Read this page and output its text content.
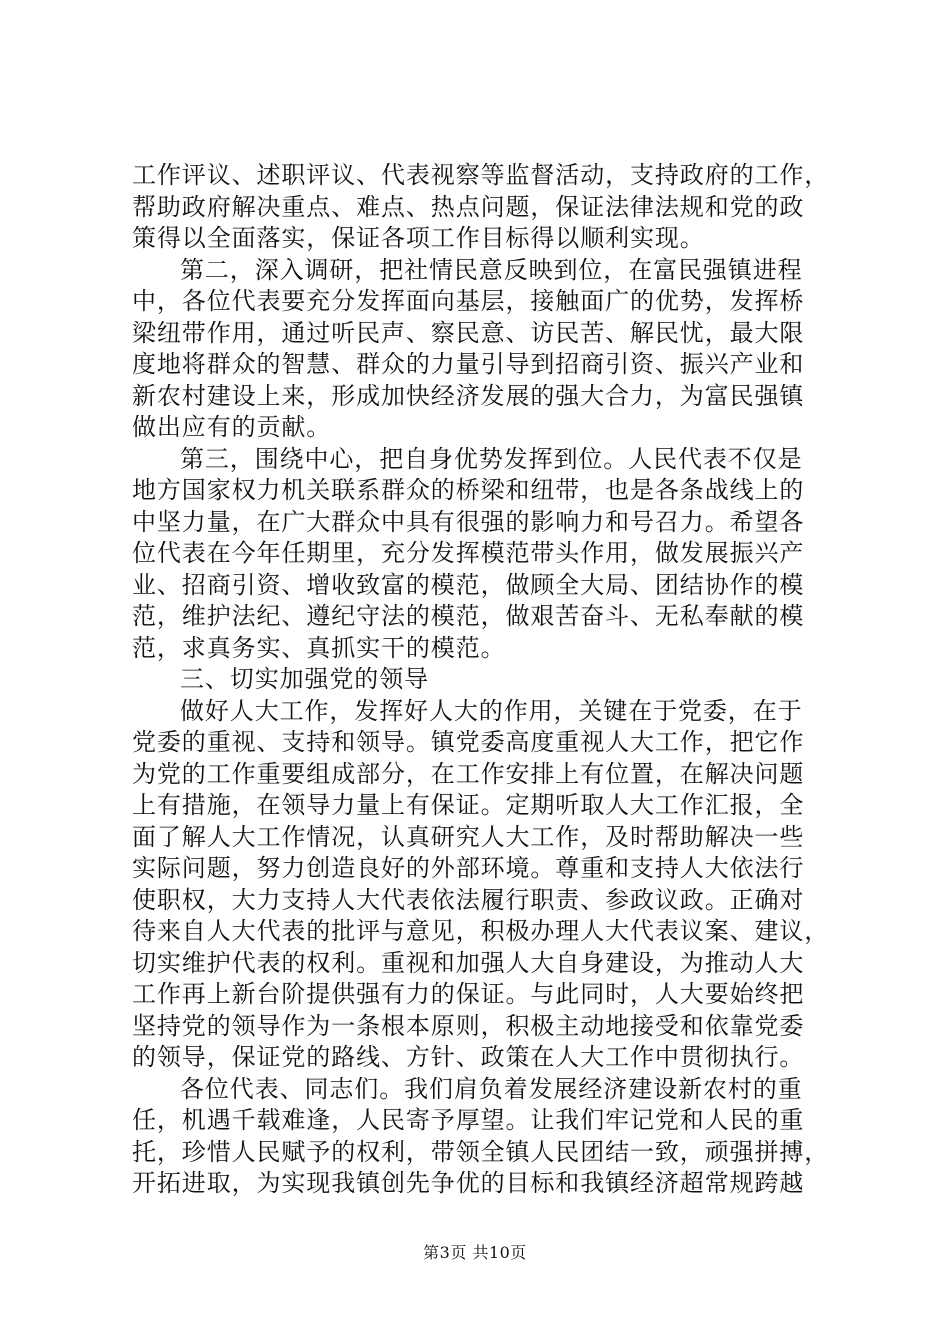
工作评议、述职评议、代表视察等监督活动，支持政府的工作，
帮助政府解决重点、难点、热点问题，保证法律法规和党的政
策得以全面落实，保证各项工作目标得以顺利实现。
第二，深入调研，把社情民意反映到位，在富民强镇进程
中，各位代表要充分发挥面向基层，接触面广的优势，发挥桥
梁纽带作用，通过听民声、察民意、访民苦、解民忧，最大限
度地将群众的智慧、群众的力量引导到招商引资、振兴产业和
新农村建设上来，形成加快经济发展的强大合力，为富民强镇
做出应有的贡献。
第三，围绕中心，把自身优势发挥到位。人民代表不仅是
地方国家权力机关联系群众的桥梁和纽带，也是各条战线上的
中坚力量，在广大群众中具有很强的影响力和号召力。希望各
位代表在今年任期里，充分发挥模范带头作用，做发展振兴产
业、招商引资、增收致富的模范，做顾全大局、团结协作的模
范，维护法纪、遵纪守法的模范，做艰苦奋斗、无私奉献的模
范，求真务实、真抓实干的模范。
三、切实加强党的领导
做好人大工作，发挥好人大的作用，关键在于党委，在于
党委的重视、支持和领导。镇党委高度重视人大工作，把它作
为党的工作重要组成部分，在工作安排上有位置，在解决问题
上有措施，在领导力量上有保证。定期听取人大工作汇报，全
面了解人大工作情况，认真研究人大工作，及时帮助解决一些
实际问题，努力创造良好的外部环境。尊重和支持人大依法行
使职权，大力支持人大代表依法履行职责、参政议政。正确对
待来自人大代表的批评与意见，积极办理人大代表议案、建议，
切实维护代表的权利。重视和加强人大自身建设，为推动人大
工作再上新台阶提供强有力的保证。与此同时，人大要始终把
坚持党的领导作为一条根本原则，积极主动地接受和依靠党委
的领导，保证党的路线、方针、政策在人大工作中贯彻执行。
各位代表、同志们。我们肩负着发展经济建设新农村的重
任，机遇千载难逢，人民寄予厚望。让我们牢记党和人民的重
托，珍惜人民赋予的权利，带领全镇人民团结一致，顽强拼搏，
开拓进取，为实现我镇创先争优的目标和我镇经济超常规跨越
第3页 共10页
